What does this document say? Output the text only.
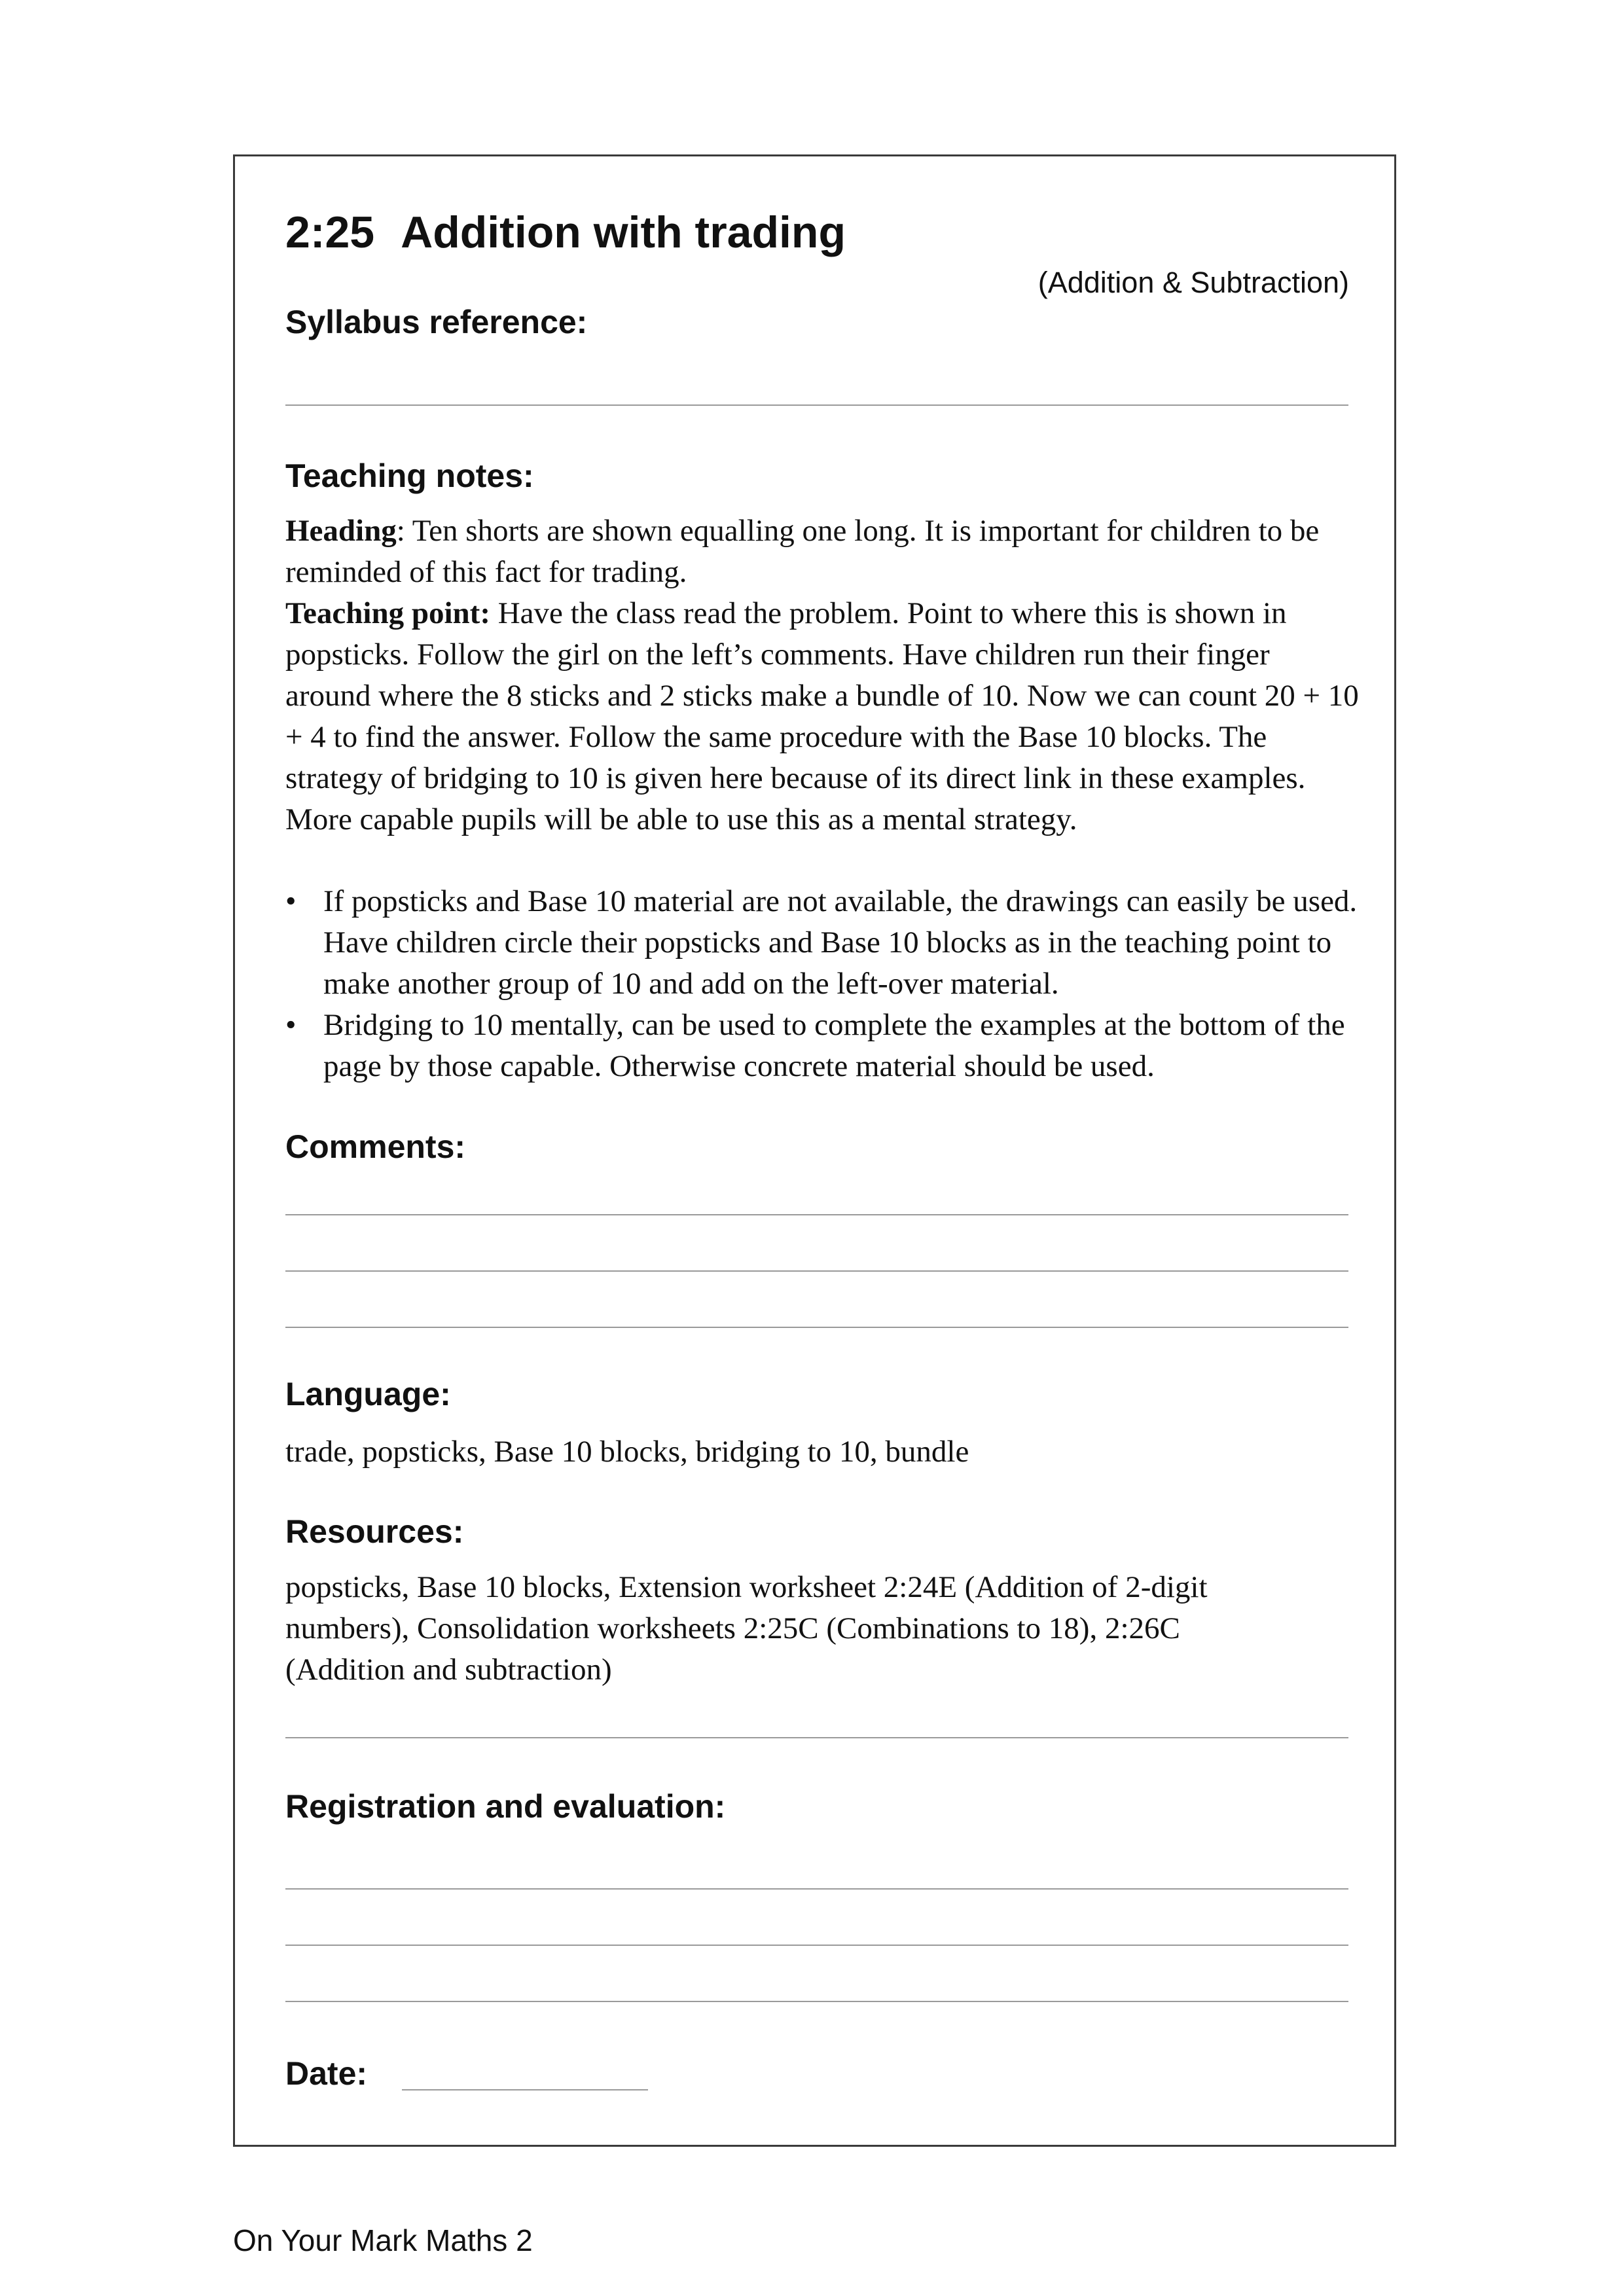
2:25 Addition with trading
(Addition & Subtraction)
Syllabus reference:
Teaching notes:

Heading: Ten shorts are shown equalling one long. It is important for children to be reminded of this fact for trading.
Teaching point: Have the class read the problem. Point to where this is shown in popsticks. Follow the girl on the left’s comments. Have children run their finger around where the 8 sticks and 2 sticks make a bundle of 10. Now we can count 20 + 10 + 4 to find the answer. Follow the same procedure with the Base 10 blocks. The strategy of bridging to 10 is given here because of its direct link in these examples. More capable pupils will be able to use this as a mental strategy.

• If popsticks and Base 10 material are not available, the drawings can easily be used. Have children circle their popsticks and Base 10 blocks as in the teaching point to make another group of 10 and add on the left-over material.
• Bridging to 10 mentally, can be used to complete the examples at the bottom of the page by those capable. Otherwise concrete material should be used.
Comments:
Language:

trade, popsticks, Base 10 blocks, bridging to 10, bundle

Resources:

popsticks, Base 10 blocks, Extension worksheet 2:24E (Addition of 2-digit numbers), Consolidation worksheets 2:25C (Combinations to 18), 2:26C (Addition and subtraction)

Registration and evaluation:
Date:
On Your Mark Maths 2
